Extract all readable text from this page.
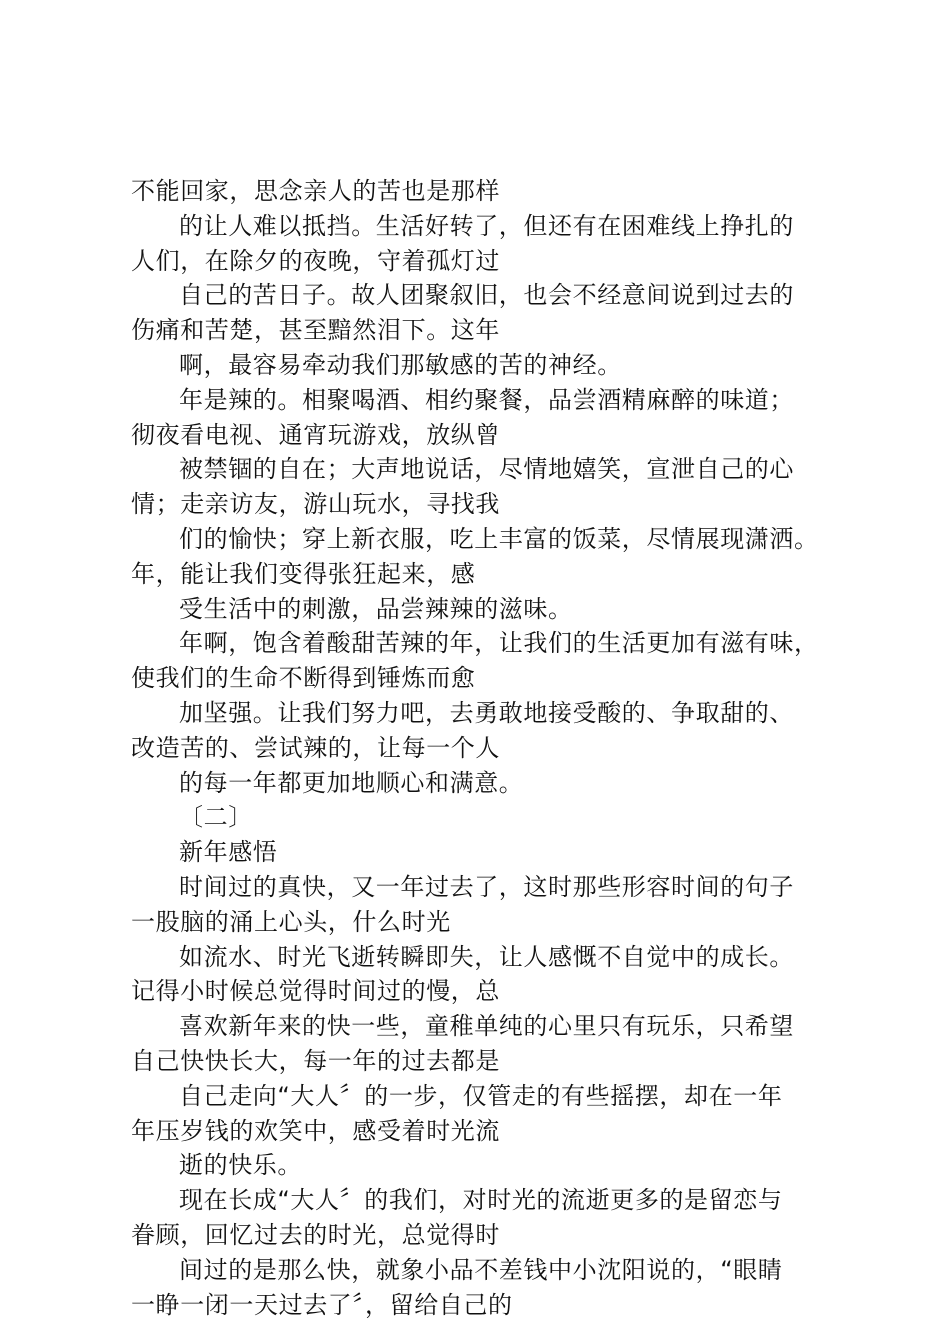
不能回家，思念亲人的苦也是那样
的让人难以抵挡。生活好转了，但还有在困难线上挣扎的
人们，在除夕的夜晚，守着孤灯过
自己的苦日子。故人团聚叙旧，也会不经意间说到过去的
伤痛和苦楚，甚至黯然泪下。这年
啊，最容易牵动我们那敏感的苦的神经。
年是辣的。相聚喝酒、相约聚餐，品尝酒精麻醉的味道；
彻夜看电视、通宵玩游戏，放纵曾
被禁锢的自在；大声地说话，尽情地嬉笑，宣泄自己的心
情；走亲访友，游山玩水，寻找我
们的愉快；穿上新衣服，吃上丰富的饭菜，尽情展现潇洒。
年，能让我们变得张狂起来，感
受生活中的刺激，品尝辣辣的滋味。
年啊，饱含着酸甜苦辣的年，让我们的生活更加有滋有味，
使我们的生命不断得到锤炼而愈
加坚强。让我们努力吧，去勇敢地接受酸的、争取甜的、
改造苦的、尝试辣的，让每一个人
的每一年都更加地顺心和满意。
〔二〕
新年感悟
时间过的真快，又一年过去了，这时那些形容时间的句子
一股脑的涌上心头，什么时光
如流水、时光飞逝转瞬即失，让人感慨不自觉中的成长。
记得小时候总觉得时间过的慢，总
喜欢新年来的快一些，童稚单纯的心里只有玩乐，只希望
自己快快长大，每一年的过去都是
自己走向“大人〞的一步，仅管走的有些摇摆，却在一年
年压岁钱的欢笑中，感受着时光流
逝的快乐。
现在长成“大人〞的我们，对时光的流逝更多的是留恋与
眷顾，回忆过去的时光，总觉得时
间过的是那么快，就象小品不差钱中小沈阳说的，“眼睛
一睁一闭一天过去了〞，留给自己的
